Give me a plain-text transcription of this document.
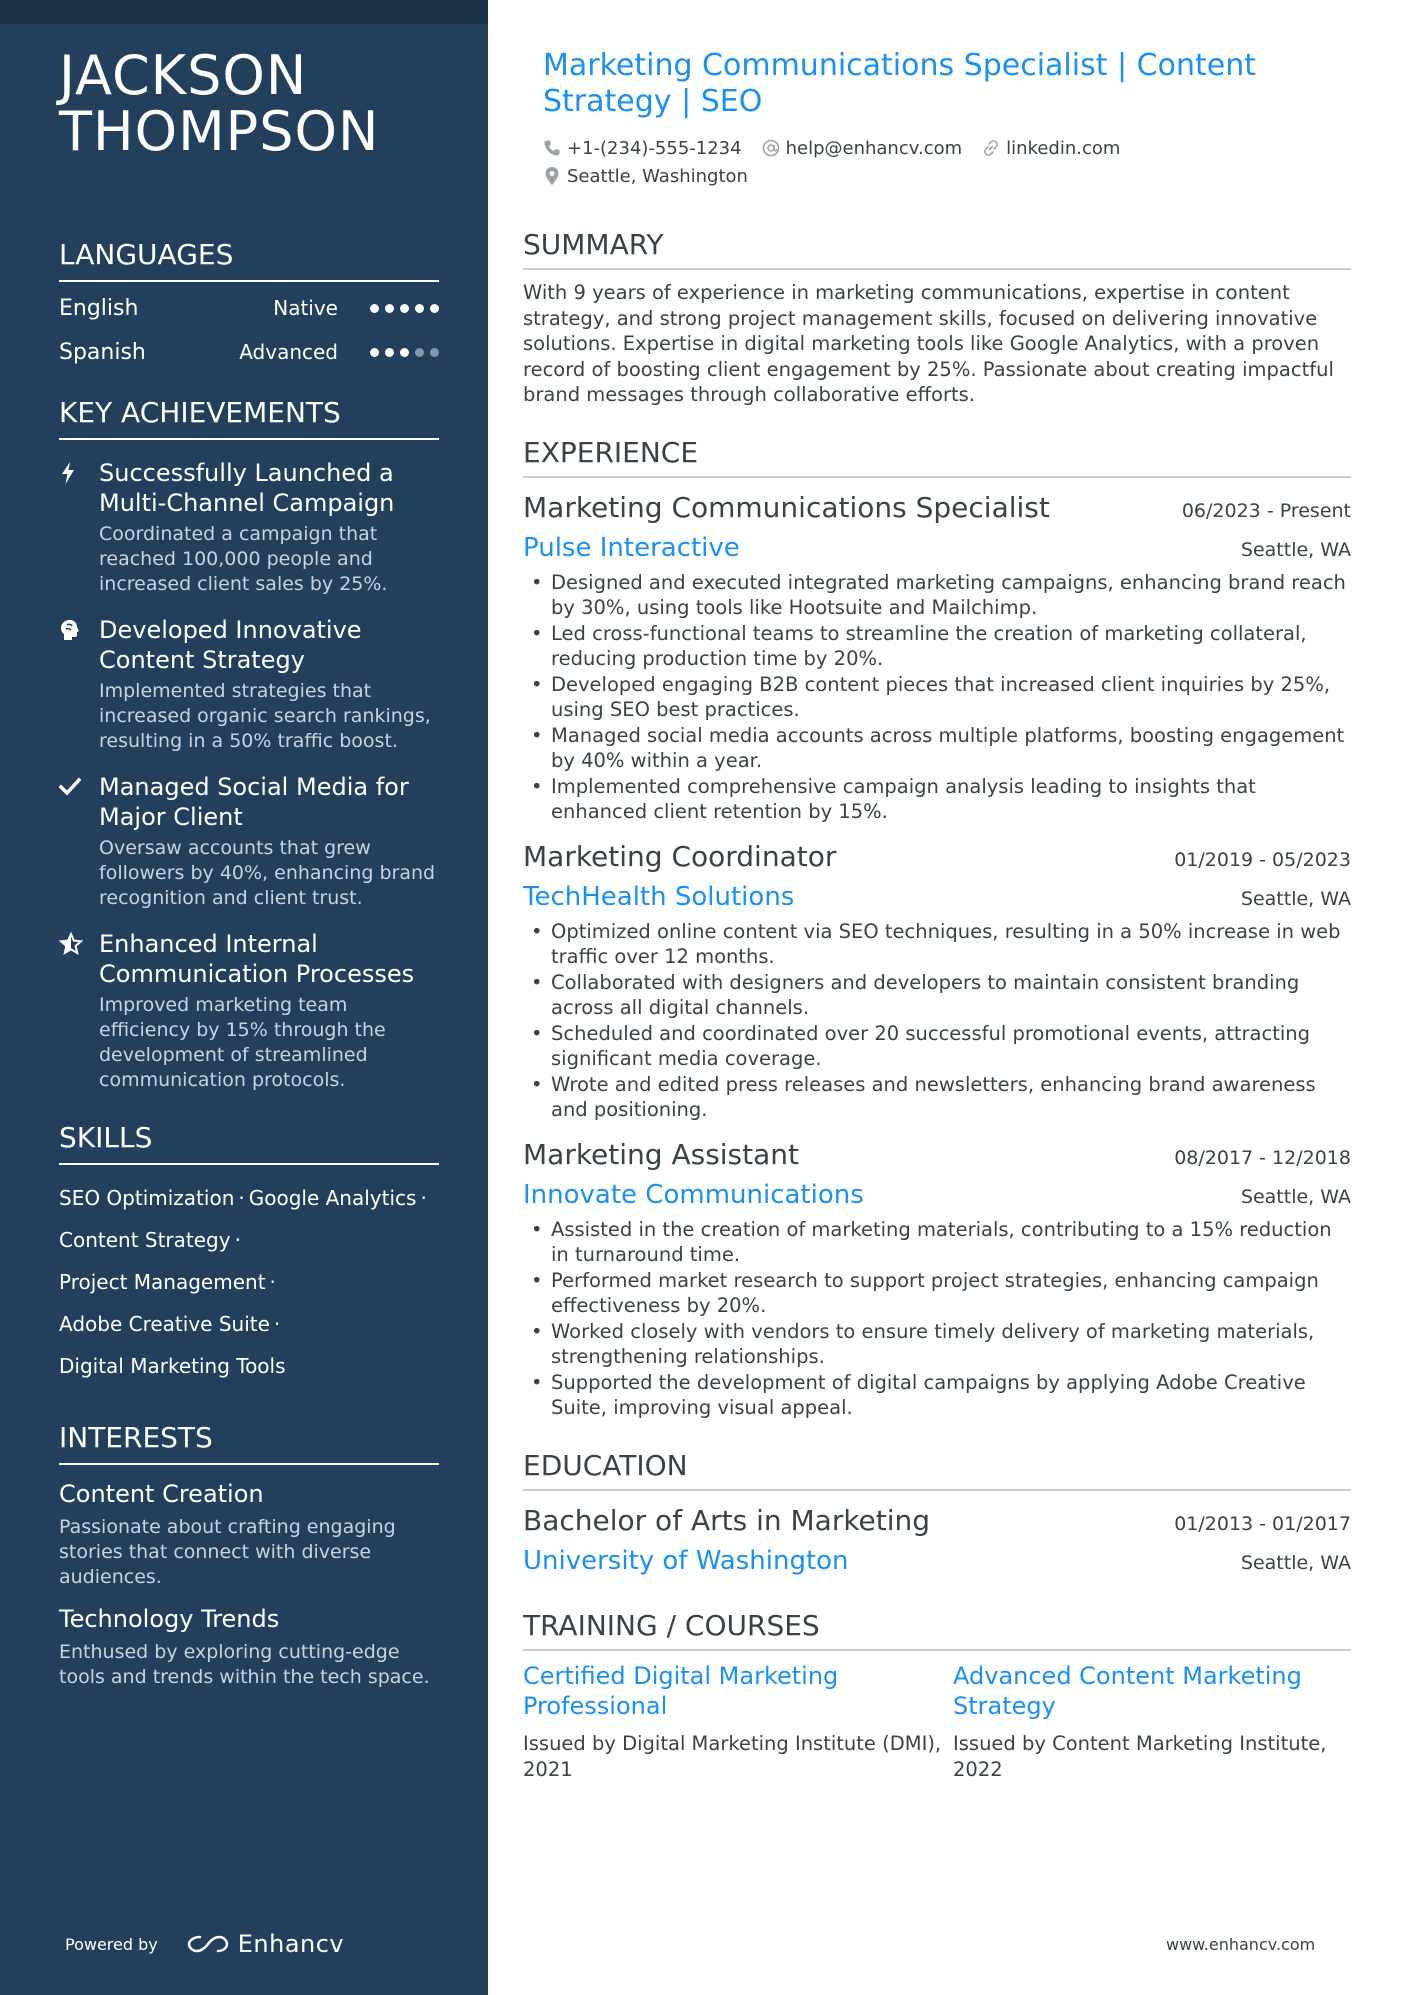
JACKSON
THOMPSON
LANGUAGES
English	Native
Spanish	Advanced
KEY ACHIEVEMENTS
Successfully Launched a Multi-Channel Campaign
Coordinated a campaign that reached 100,000 people and increased client sales by 25%.
Developed Innovative Content Strategy
Implemented strategies that increased organic search rankings, resulting in a 50% traffic boost.
Managed Social Media for Major Client
Oversaw accounts that grew followers by 40%, enhancing brand recognition and client trust.
Enhanced Internal Communication Processes
Improved marketing team efficiency by 15% through the development of streamlined communication protocols.
SKILLS
SEO Optimization · Google Analytics ·
Content Strategy ·
Project Management ·
Adobe Creative Suite ·
Digital Marketing Tools
INTERESTS
Content Creation
Passionate about crafting engaging stories that connect with diverse audiences.
Technology Trends
Enthused by exploring cutting-edge tools and trends within the tech space.
Powered by	Enhancv
Marketing Communications Specialist | Content Strategy | SEO
+1-(234)-555-1234 help@enhancv.com linkedin.com
Seattle, Washington
SUMMARY
With 9 years of experience in marketing communications, expertise in content strategy, and strong project management skills, focused on delivering innovative solutions. Expertise in digital marketing tools like Google Analytics, with a proven record of boosting client engagement by 25%. Passionate about creating impactful brand messages through collaborative efforts.
EXPERIENCE
Marketing Communications Specialist	06/2023 - Present
Pulse Interactive	Seattle, WA
• Designed and executed integrated marketing campaigns, enhancing brand reach by 30%, using tools like Hootsuite and Mailchimp.
• Led cross-functional teams to streamline the creation of marketing collateral, reducing production time by 20%.
• Developed engaging B2B content pieces that increased client inquiries by 25%, using SEO best practices.
• Managed social media accounts across multiple platforms, boosting engagement by 40% within a year.
• Implemented comprehensive campaign analysis leading to insights that enhanced client retention by 15%.
Marketing Coordinator	01/2019 - 05/2023
TechHealth Solutions	Seattle, WA
• Optimized online content via SEO techniques, resulting in a 50% increase in web traffic over 12 months.
• Collaborated with designers and developers to maintain consistent branding across all digital channels.
• Scheduled and coordinated over 20 successful promotional events, attracting significant media coverage.
• Wrote and edited press releases and newsletters, enhancing brand awareness and positioning.
Marketing Assistant	08/2017 - 12/2018
Innovate Communications	Seattle, WA
• Assisted in the creation of marketing materials, contributing to a 15% reduction in turnaround time.
• Performed market research to support project strategies, enhancing campaign effectiveness by 20%.
• Worked closely with vendors to ensure timely delivery of marketing materials, strengthening relationships.
• Supported the development of digital campaigns by applying Adobe Creative Suite, improving visual appeal.
EDUCATION
Bachelor of Arts in Marketing	01/2013 - 01/2017
University of Washington	Seattle, WA
TRAINING / COURSES
Certified Digital Marketing Professional
Issued by Digital Marketing Institute (DMI), 2021
Advanced Content Marketing Strategy
Issued by Content Marketing Institute, 2022
www.enhancv.com
